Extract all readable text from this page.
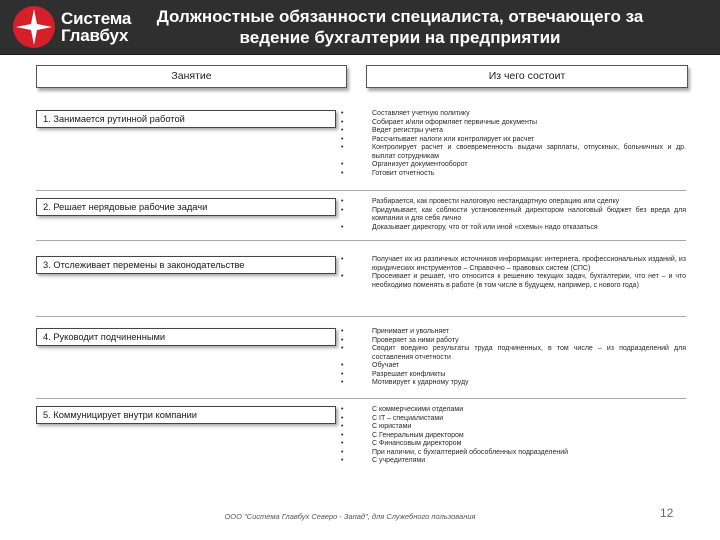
Система
Главбух
Должностные обязанности специалиста, отвечающего за
ведение бухгалтерии на предприятии
Занятие	Из чего состоит
1. Занимается рутинной работой
•	Составляет учетную политику
•	Собирает и/или оформляет первичные документы
•	Ведет регистры учета
•	Рассчитывает налоги или контролирует их расчет
•	Контролирует расчет и своевременность выдачи зарплаты, отпускных, больничных и др. выплат сотрудникам
•	Организует документооборот
•	Готовит отчетность
2. Решает нерядовые рабочие задачи
•	Разбирается, как провести налоговую нестандартную операцию или сделку
•	Придумывает, как соблюсти установленный директором налоговый бюджет без вреда для компании и для себя лично
•	Доказывает директору, что от той или иной «схемы» надо отказаться
3. Отслеживает перемены в законодательстве
•	Получает их из различных источников информации: интернета, профессиональных изданий, из юридических инструментов – Справочно – правовых систем (СПС)
•	Просеивает и решает, что относится к решению текущих задач, бухгалтерии, что нет – и что необходимо поменять в работе (в том числе в будущем, например, с нового года)
4. Руководит подчиненными
•	Принимает и увольняет
•	Проверяет за ними работу
•	Сводит воедино результаты труда подчиненных, в том числе – из подразделений для составления отчетности
•	Обучает
•	Разрешает конфликты
•	Мотивирует к ударному труду
5. Коммуницирует внутри компании
•	С коммерческими отделами
•	С IT – специалистами
•	С юристами
•	С Генеральным директором
•	С Финансовым директором
•	При наличии, с бухгалтерией обособленных подразделений
•	С учредителями
ООО "Система Главбух Северо - Запад", для Служебного пользования	12
